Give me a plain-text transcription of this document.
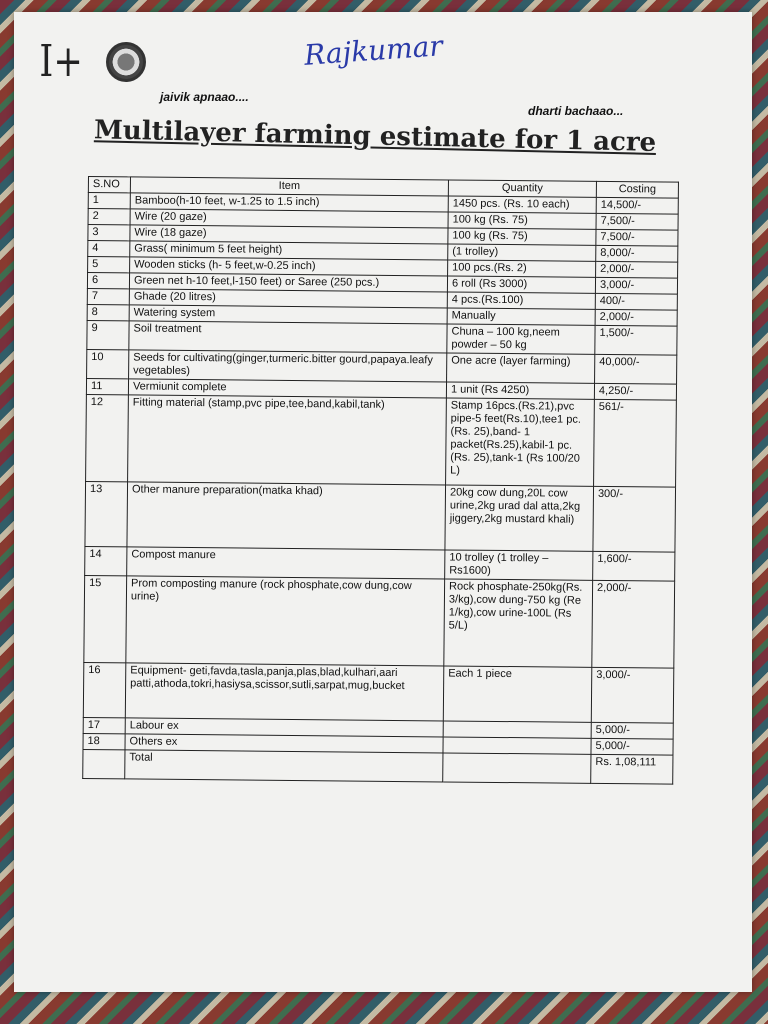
I+	Rajkumar
jaivik apnaao....
dharti bachaao...
Multilayer farming estimate for 1 acre
S.NO	Item	Quantity	Costing
1	Bamboo(h-10 feet, w-1.25 to 1.5 inch)	1450 pcs. (Rs. 10 each)	14,500/-
2	Wire (20 gaze)	100 kg (Rs. 75)	7,500/-
3	Wire (18 gaze)	100 kg (Rs. 75)	7,500/-
4	Grass( minimum 5 feet height)	(1 trolley)	8,000/-
5	Wooden sticks (h- 5 feet,w-0.25 inch)	100 pcs.(Rs. 2)	2,000/-
6	Green net h-10 feet,l-150 feet) or Saree (250 pcs.)	6 roll (Rs 3000)	3,000/-
7	Ghade (20 litres)	4 pcs.(Rs.100)	400/-
8	Watering system	Manually	2,000/-
9	Soil treatment	Chuna – 100 kg,neem powder – 50 kg	1,500/-
10	Seeds for cultivating(ginger,turmeric.bitter gourd,papaya.leafy vegetables)	One acre (layer farming)	40,000/-
11	Vermiunit complete	1 unit (Rs 4250)	4,250/-
12	Fitting material (stamp,pvc pipe,tee,band,kabil,tank)	Stamp 16pcs.(Rs.21),pvc pipe-5 feet(Rs.10),tee1 pc.(Rs. 25),band- 1 packet(Rs.25),kabil-1 pc.(Rs. 25),tank-1 (Rs 100/20 L)	561/-
13	Other manure preparation(matka khad)	20kg cow dung,20L cow urine,2kg urad dal atta,2kg jiggery,2kg mustard khali)	300/-
14	Compost manure	10 trolley (1 trolley – Rs1600)	1,600/-
15	Prom composting manure (rock phosphate,cow dung,cow urine)	Rock phosphate-250kg(Rs. 3/kg),cow dung-750 kg (Re 1/kg),cow urine-100L (Rs 5/L)	2,000/-
16	Equipment- geti,favda,tasla,panja,plas,blad,kulhari,aari patti,athoda,tokri,hasiysa,scissor,sutli,sarpat,mug,bucket	Each 1 piece	3,000/-
17	Labour ex		5,000/-
18	Others ex		5,000/-
	Total		Rs. 1,08,111
